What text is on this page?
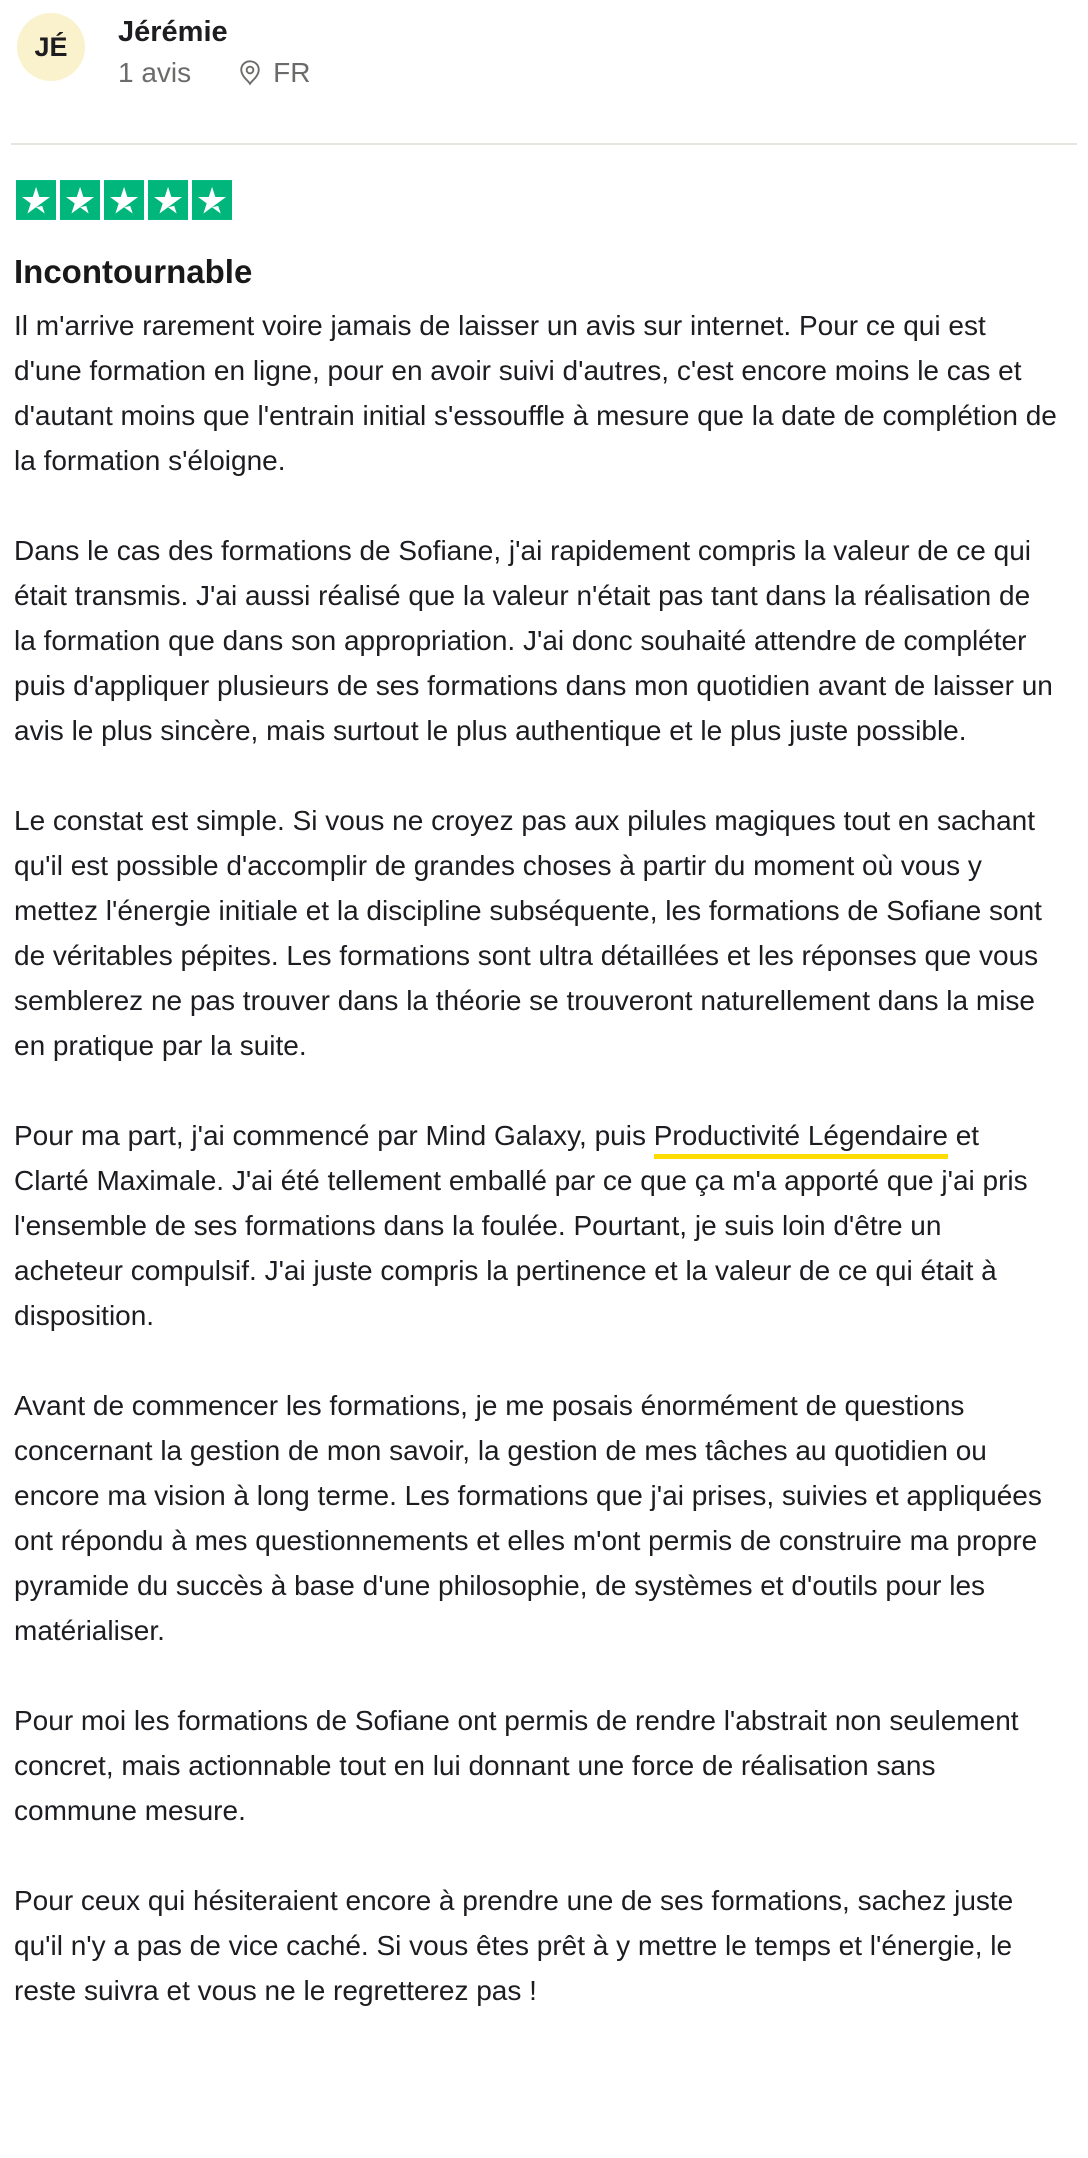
JÉ Jérémie
1 avis	FR
Incontournable

Il m'arrive rarement voire jamais de laisser un avis sur internet. Pour ce qui est d'une formation en ligne, pour en avoir suivi d'autres, c'est encore moins le cas et d'autant moins que l'entrain initial s'essouffle à mesure que la date de complétion de la formation s'éloigne.

Dans le cas des formations de Sofiane, j'ai rapidement compris la valeur de ce qui était transmis. J'ai aussi réalisé que la valeur n'était pas tant dans la réalisation de la formation que dans son appropriation. J'ai donc souhaité attendre de compléter puis d'appliquer plusieurs de ses formations dans mon quotidien avant de laisser un avis le plus sincère, mais surtout le plus authentique et le plus juste possible.

Le constat est simple. Si vous ne croyez pas aux pilules magiques tout en sachant qu'il est possible d'accomplir de grandes choses à partir du moment où vous y mettez l'énergie initiale et la discipline subséquente, les formations de Sofiane sont de véritables pépites. Les formations sont ultra détaillées et les réponses que vous semblerez ne pas trouver dans la théorie se trouveront naturellement dans la mise en pratique par la suite.

Pour ma part, j'ai commencé par Mind Galaxy, puis Productivité Légendaire et Clarté Maximale. J'ai été tellement emballé par ce que ça m'a apporté que j'ai pris l'ensemble de ses formations dans la foulée. Pourtant, je suis loin d'être un acheteur compulsif. J'ai juste compris la pertinence et la valeur de ce qui était à disposition.

Avant de commencer les formations, je me posais énormément de questions concernant la gestion de mon savoir, la gestion de mes tâches au quotidien ou encore ma vision à long terme. Les formations que j'ai prises, suivies et appliquées ont répondu à mes questionnements et elles m'ont permis de construire ma propre pyramide du succès à base d'une philosophie, de systèmes et d'outils pour les matérialiser.

Pour moi les formations de Sofiane ont permis de rendre l'abstrait non seulement concret, mais actionnable tout en lui donnant une force de réalisation sans commune mesure.

Pour ceux qui hésiteraient encore à prendre une de ses formations, sachez juste qu'il n'y a pas de vice caché. Si vous êtes prêt à y mettre le temps et l'énergie, le reste suivra et vous ne le regretterez pas !
